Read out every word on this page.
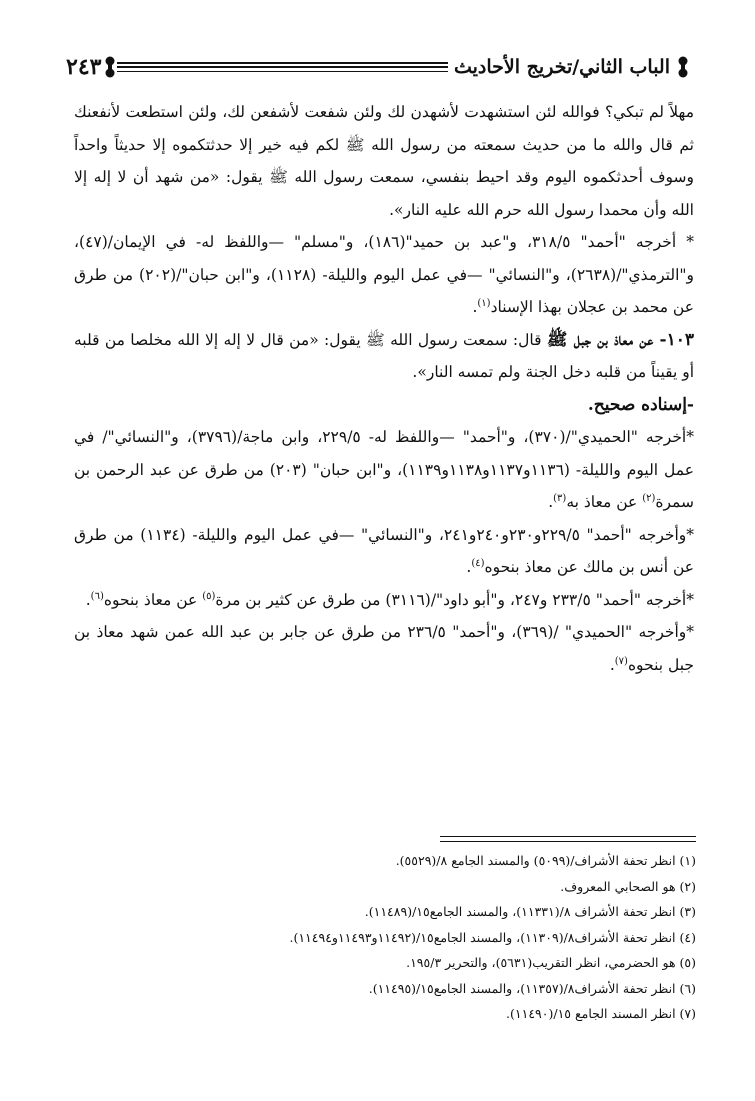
الباب الثاني/تخريج الأحاديث
٢٤٣

مهلاً لم تبكي؟ فوالله لئن استشهدت لأشهدن لك ولئن شفعت لأشفعن لك، ولئن استطعت لأنفعنك ثم قال والله ما من حديث سمعته من رسول الله ﷺ لكم فيه خير إلا حدثتكموه إلا حديثاً واحداً وسوف أحدثكموه اليوم وقد احيط بنفسي، سمعت رسول الله ﷺ يقول: «من شهد أن لا إله إلا الله وأن محمدا رسول الله حرم الله عليه النار».

* أخرجه "أحمد" ٣١٨/٥، و"عبد بن حميد"(١٨٦)، و"مسلم" —واللفظ له- في الإيمان/(٤٧)، و"الترمذي"/(٢٦٣٨)، و"النسائي" —في عمل اليوم والليلة- (١١٢٨)، و"ابن حبان"/(٢٠٢) من طرق عن محمد بن عجلان بهذا الإسناد$^{(١)}$.

١٠٣- عن معاذ بن جبل ﷺ قال: سمعت رسول الله ﷺ يقول: «من قال لا إله إلا الله مخلصا من قلبه أو يقيناً من قلبه دخل الجنة ولم تمسه النار».

-إسناده صحيح.

*أخرجه "الحميدي"/(٣٧٠)، و"أحمد" —واللفظ له- ٢٢٩/٥، وابن ماجة/(٣٧٩٦)، و"النسائي"/ في عمل اليوم والليلة- (١١٣٦و١١٣٧و١١٣٨و١١٣٩)، و"ابن حبان" (٢٠٣) من طرق عن عبد الرحمن بن سمرة$^{(٢)}$ عن معاذ به$^{(٣)}$.

*وأخرجه "أحمد" ٢٢٩/٥و٢٣٠و٢٤٠و٢٤١، و"النسائي" —في عمل اليوم والليلة- (١١٣٤) من طرق عن أنس بن مالك عن معاذ بنحوه$^{(٤)}$.

*أخرجه "أحمد" ٢٣٣/٥ و٢٤٧، و"أبو داود"/(٣١١٦) من طرق عن كثير بن مرة$^{(٥)}$ عن معاذ بنحوه$^{(٦)}$.

*وأخرجه "الحميدي" /(٣٦٩)، و"أحمد" ٢٣٦/٥ من طرق عن جابر بن عبد الله عمن شهد معاذ بن جبل بنحوه$^{(٧)}$.

(١) انظر تحفة الأشراف/(٥٠٩٩) والمسند الجامع ٨/(٥٥٢٩).
(٢) هو الصحابي المعروف.
(٣) انظر تحفة الأشراف ٨/(١١٣٣١)، والمسند الجامع١٥/(١١٤٨٩).
(٤) انظر تحفة الأشراف٨/(١١٣٠٩)، والمسند الجامع١٥/(١١٤٩٢و١١٤٩٣و١١٤٩٤).
(٥) هو الحضرمي، انظر التقريب(٥٦٣١)، والتحرير ١٩٥/٣.
(٦) انظر تحفة الأشراف٨/(١١٣٥٧)، والمسند الجامع١٥/(١١٤٩٥).
(٧) انظر المسند الجامع ١٥/(١١٤٩٠).
